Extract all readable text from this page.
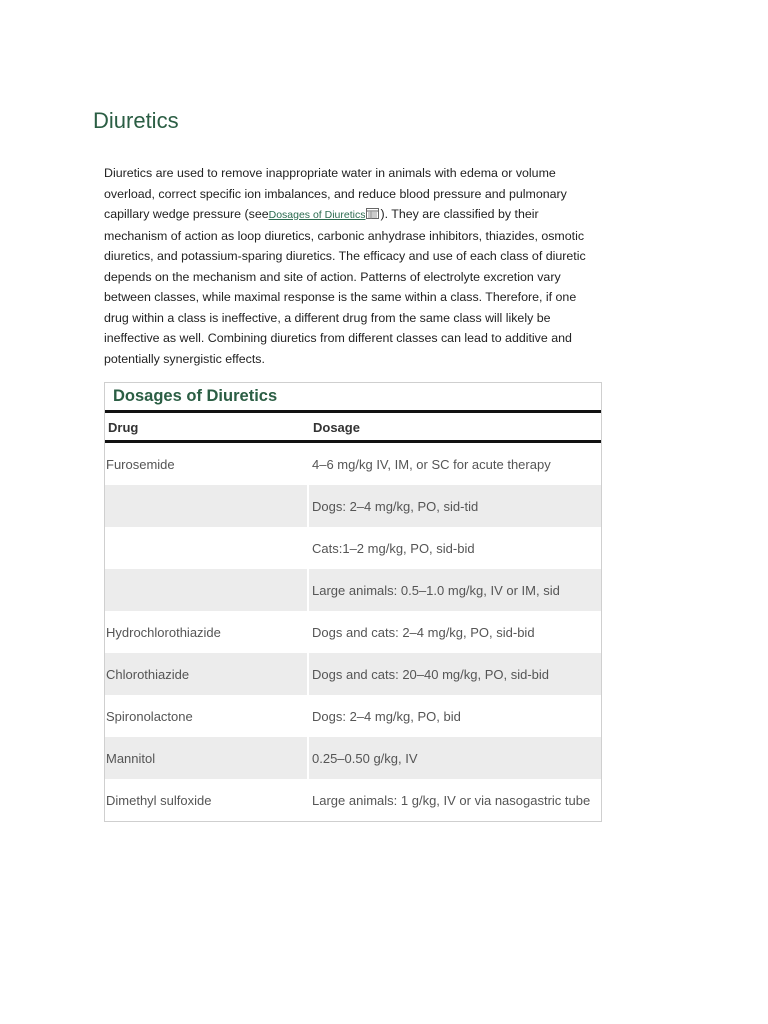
Diuretics

Diuretics are used to remove inappropriate water in animals with edema or volume overload, correct specific ion imbalances, and reduce blood pressure and pulmonary capillary wedge pressure (seeDosages of Diuretics ). They are classified by their mechanism of action as loop diuretics, carbonic anhydrase inhibitors, thiazides, osmotic diuretics, and potassium-sparing diuretics. The efficacy and use of each class of diuretic depends on the mechanism and site of action. Patterns of electrolyte excretion vary between classes, while maximal response is the same within a class. Therefore, if one drug within a class is ineffective, a different drug from the same class will likely be ineffective as well. Combining diuretics from different classes can lead to additive and potentially synergistic effects.

Dosages of Diuretics
Drug	Dosage
Furosemide	4–6 mg/kg IV, IM, or SC for acute therapy
	Dogs: 2–4 mg/kg, PO, sid-tid
	Cats:1–2 mg/kg, PO, sid-bid
	Large animals: 0.5–1.0 mg/kg, IV or IM, sid
Hydrochlorothiazide	Dogs and cats: 2–4 mg/kg, PO, sid-bid
Chlorothiazide	Dogs and cats: 20–40 mg/kg, PO, sid-bid
Spironolactone	Dogs: 2–4 mg/kg, PO, bid
Mannitol	0.25–0.50 g/kg, IV
Dimethyl sulfoxide	Large animals: 1 g/kg, IV or via nasogastric tube
